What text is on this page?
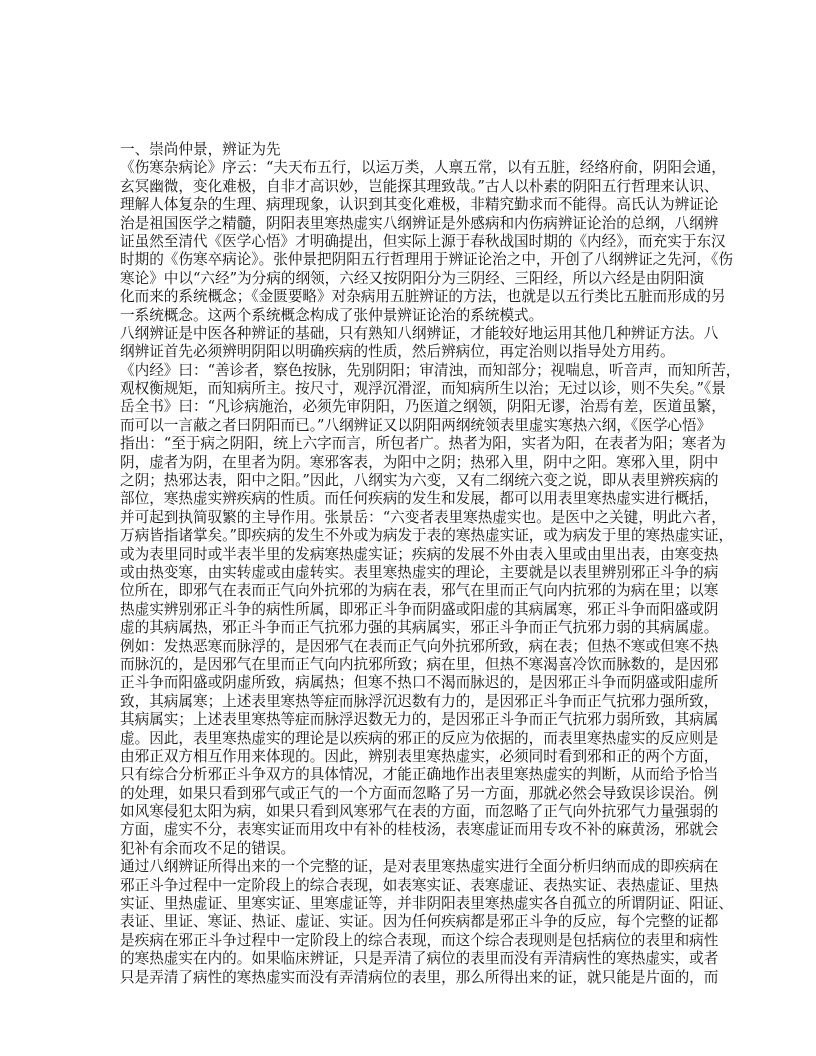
一、崇尚仲景，辨证为先
《伤寒杂病论》序云：“夫天布五行，以运万类，人禀五常，以有五脏，经络府俞，阴阳会通，
玄冥幽微，变化难极，自非才高识妙，岂能探其理致哉。”古人以朴素的阴阳五行哲理来认识、
理解人体复杂的生理、病理现象，认识到其变化难极，非精究勤求而不能得。高氏认为辨证论
治是祖国医学之精髓，阴阳表里寒热虚实八纲辨证是外感病和内伤病辨证论治的总纲，八纲辨
证虽然至清代《医学心悟》才明确提出，但实际上源于春秋战国时期的《内经》，而充实于东汉
时期的《伤寒卒病论》。张仲景把阴阳五行哲理用于辨证论治之中，开创了八纲辨证之先河，《伤
寒论》中以“六经”为分病的纲领，六经又按阴阳分为三阴经、三阳经，所以六经是由阴阳演
化而来的系统概念；《金匮要略》对杂病用五脏辨证的方法，也就是以五行类比五脏而形成的另
一系统概念。这两个系统概念构成了张仲景辨证论治的系统模式。
八纲辨证是中医各种辨证的基础，只有熟知八纲辨证，才能较好地运用其他几种辨证方法。八
纲辨证首先必须辨明阴阳以明确疾病的性质，然后辨病位，再定治则以指导处方用药。
《内经》曰：“善诊者，察色按脉，先别阴阳；审清浊，而知部分；视喘息，听音声，而知所苦，
观权衡规矩，而知病所主。按尺寸，观浮沉滑涩，而知病所生以治；无过以诊，则不失矣。”《景
岳全书》曰：“凡诊病施治，必须先审阴阳，乃医道之纲领，阴阳无谬，治焉有差，医道虽繁，
而可以一言蔽之者曰阴阳而已。”八纲辨证又以阴阳两纲统领表里虚实寒热六纲，《医学心悟》
指出：“至于病之阴阳，统上六字而言，所包者广。热者为阳，实者为阳，在表者为阳；寒者为
阴，虚者为阴，在里者为阴。寒邪客表，为阳中之阴；热邪入里，阴中之阳。寒邪入里，阴中
之阴；热邪达表，阳中之阳。”因此，八纲实为六变，又有二纲统六变之说，即从表里辨疾病的
部位，寒热虚实辨疾病的性质。而任何疾病的发生和发展，都可以用表里寒热虚实进行概括，
并可起到执简驭繁的主导作用。张景岳：“六变者表里寒热虚实也。是医中之关键，明此六者，
万病皆指诸掌矣。”即疾病的发生不外或为病发于表的寒热虚实证，或为病发于里的寒热虚实证，
或为表里同时或半表半里的发病寒热虚实证；疾病的发展不外由表入里或由里出表，由寒变热
或由热变寒，由实转虚或由虚转实。表里寒热虚实的理论，主要就是以表里辨别邪正斗争的病
位所在，即邪气在表而正气向外抗邪的为病在表，邪气在里而正气向内抗邪的为病在里；以寒
热虚实辨别邪正斗争的病性所属，即邪正斗争而阴盛或阳虚的其病属寒，邪正斗争而阳盛或阴
虚的其病属热，邪正斗争而正气抗邪力强的其病属实，邪正斗争而正气抗邪力弱的其病属虚。
例如：发热恶寒而脉浮的，是因邪气在表而正气向外抗邪所致，病在表；但热不寒或但寒不热
而脉沉的，是因邪气在里而正气向内抗邪所致；病在里，但热不寒渴喜冷饮而脉数的，是因邪
正斗争而阳盛或阴虚所致，病属热；但寒不热口不渴而脉迟的，是因邪正斗争而阴盛或阳虚所
致，其病属寒；上述表里寒热等症而脉浮沉迟数有力的，是因邪正斗争而正气抗邪力强所致，
其病属实；上述表里寒热等症而脉浮迟数无力的，是因邪正斗争而正气抗邪力弱所致，其病属
虚。因此，表里寒热虚实的理论是以疾病的邪正的反应为依据的，而表里寒热虚实的反应则是
由邪正双方相互作用来体现的。因此，辨别表里寒热虚实，必须同时看到邪和正的两个方面，
只有综合分析邪正斗争双方的具体情况，才能正确地作出表里寒热虚实的判断，从而给予恰当
的处理，如果只看到邪气或正气的一个方面而忽略了另一方面，那就必然会导致误诊误治。例
如风寒侵犯太阳为病，如果只看到风寒邪气在表的方面，而忽略了正气向外抗邪气力量强弱的
方面，虚实不分，表寒实证而用攻中有补的桂枝汤，表寒虚证而用专攻不补的麻黄汤，邪就会
犯补有余而攻不足的错误。
通过八纲辨证所得出来的一个完整的证，是对表里寒热虚实进行全面分析归纳而成的即疾病在
邪正斗争过程中一定阶段上的综合表现，如表寒实证、表寒虚证、表热实证、表热虚证、里热
实证、里热虚证、里寒实证、里寒虚证等，并非阴阳表里寒热虚实各自孤立的所谓阴证、阳证、
表证、里证、寒证、热证、虚证、实证。因为任何疾病都是邪正斗争的反应，每个完整的证都
是疾病在邪正斗争过程中一定阶段上的综合表现，而这个综合表现则是包括病位的表里和病性
的寒热虚实在内的。如果临床辨证，只是弄清了病位的表里而没有弄清病性的寒热虚实，或者
只是弄清了病性的寒热虚实而没有弄清病位的表里，那么所得出来的证，就只能是片面的，而
